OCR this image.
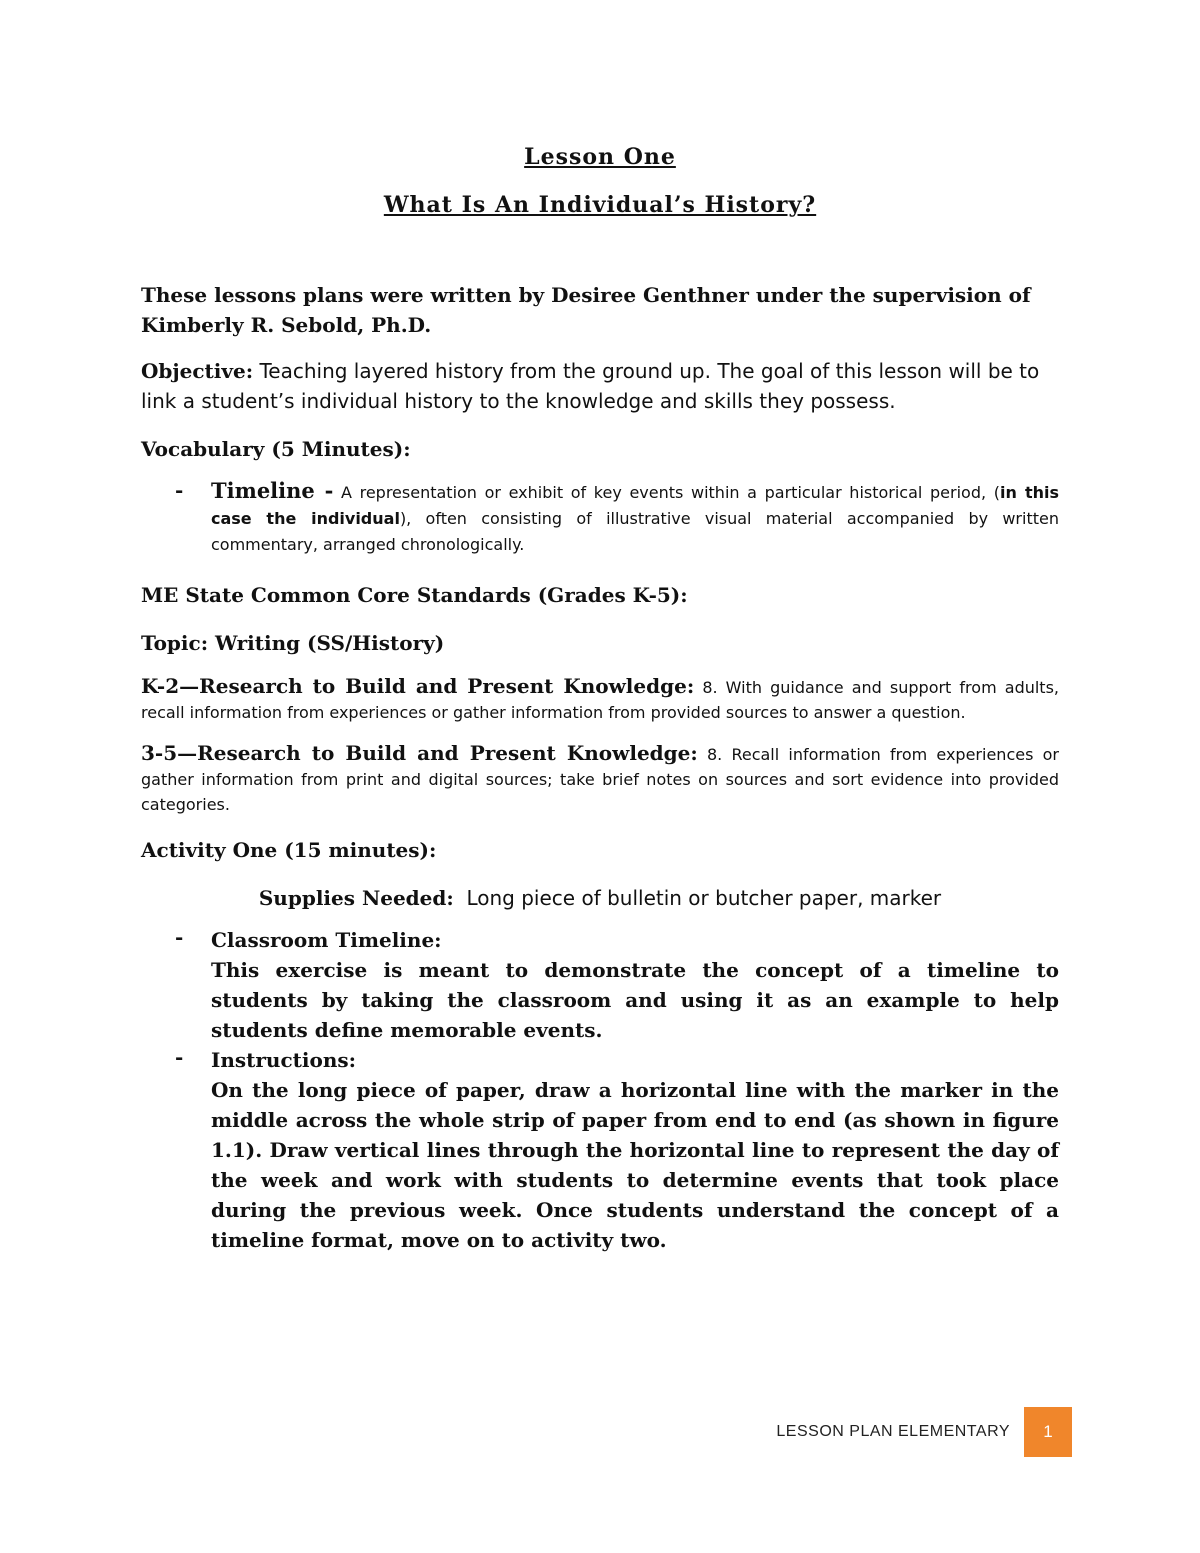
Lesson One
What Is An Individual’s History?
These lessons plans were written by Desiree Genthner under the supervision of Kimberly R. Sebold, Ph.D.
Objective: Teaching layered history from the ground up. The goal of this lesson will be to link a student’s individual history to the knowledge and skills they possess.
Vocabulary (5 Minutes):
-	Timeline - A representation or exhibit of key events within a particular historical period, (in this case the individual), often consisting of illustrative visual material accompanied by written commentary, arranged chronologically.
ME State Common Core Standards (Grades K-5):
Topic: Writing (SS/History)
K-2—Research to Build and Present Knowledge: 8. With guidance and support from adults, recall information from experiences or gather information from provided sources to answer a question.
3-5—Research to Build and Present Knowledge: 8. Recall information from experiences or gather information from print and digital sources; take brief notes on sources and sort evidence into provided categories.
Activity One (15 minutes):
Supplies Needed:  Long piece of bulletin or butcher paper, marker
-	Classroom Timeline:
This exercise is meant to demonstrate the concept of a timeline to students by taking the classroom and using it as an example to help students define memorable events.
-	Instructions:
On the long piece of paper, draw a horizontal line with the marker in the middle across the whole strip of paper from end to end (as shown in figure 1.1). Draw vertical lines through the horizontal line to represent the day of the week and work with students to determine events that took place during the previous week. Once students understand the concept of a timeline format, move on to activity two.
LESSON PLAN ELEMENTARY	1
